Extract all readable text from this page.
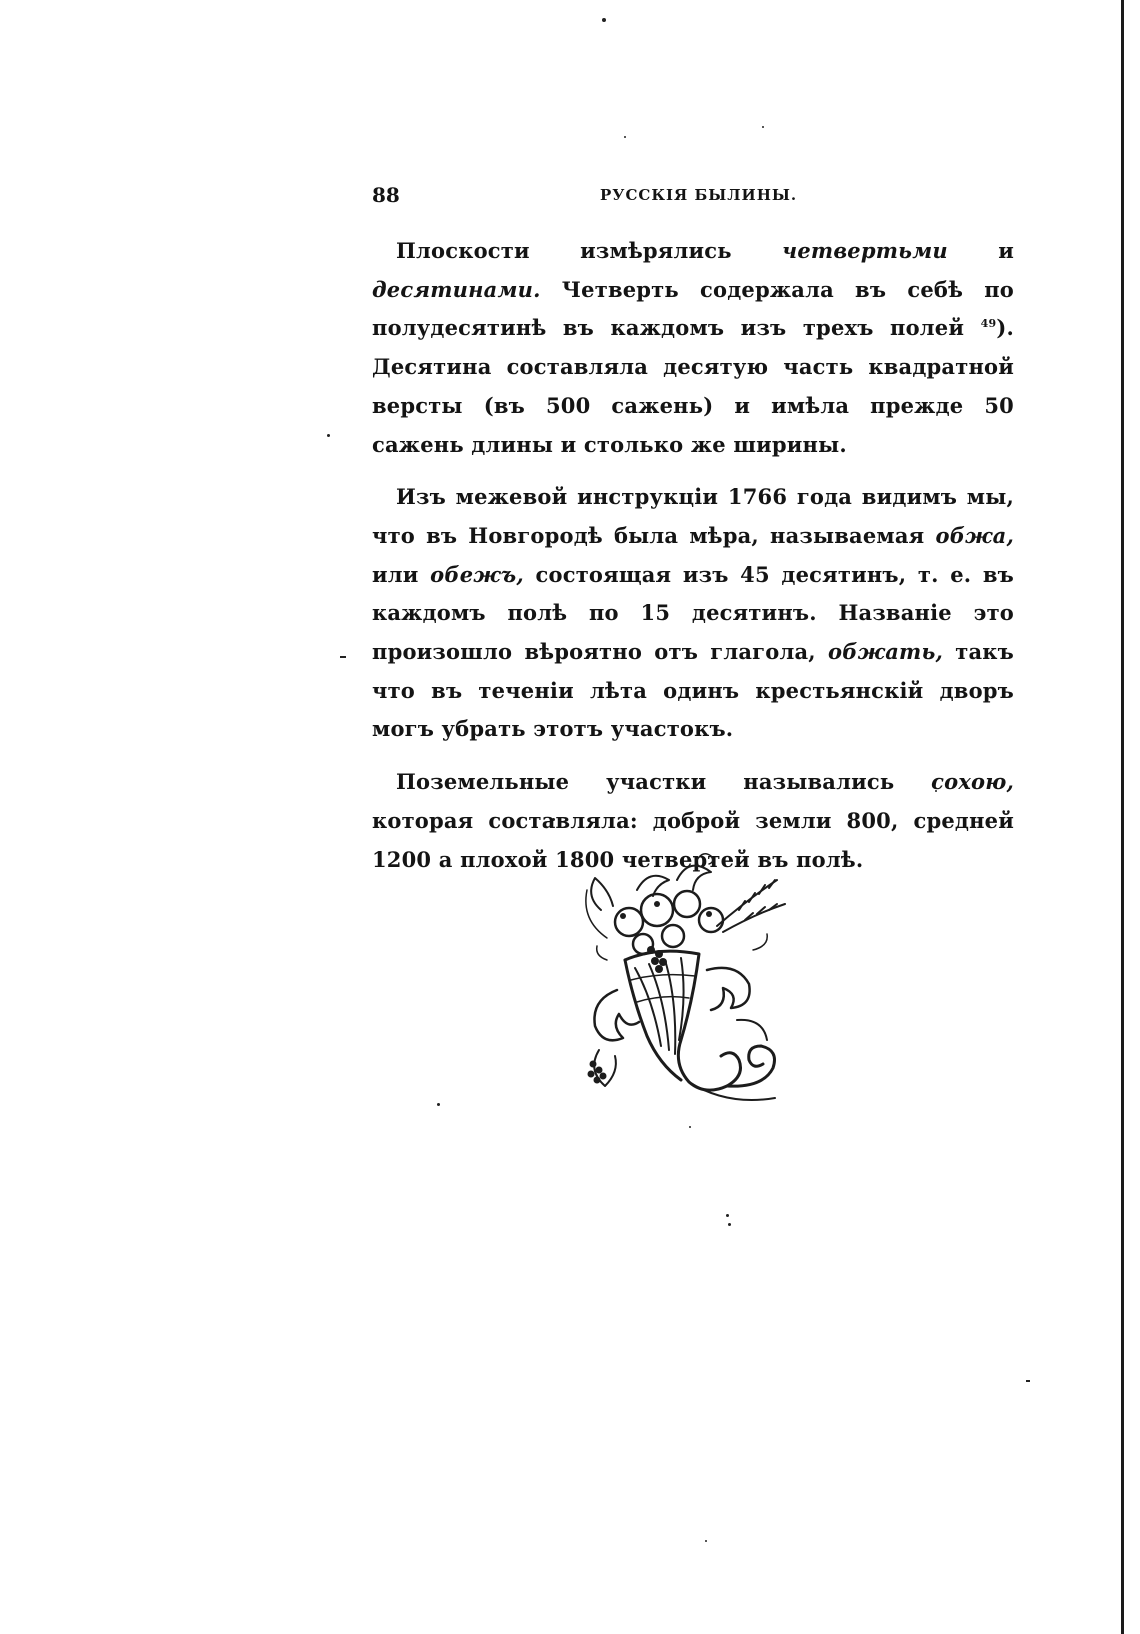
88	РУССКІЯ БЫЛИНЫ.

Плоскости измѣрялись четвертьми и десятинами. Четверть содержала въ себѣ по полудесятинѣ въ каждомъ изъ трехъ полей $^{49}$). Десятина составляла десятую часть квадратной версты (въ 500 сажень) и имѣла прежде 50 сажень длины и столько же ширины.

Изъ межевой инструкціи 1766 года видимъ мы, что въ Новгородѣ была мѣра, называемая обжа, или обежъ, состоящая изъ 45 десятинъ, т. е. въ каждомъ полѣ по 15 десятинъ. Названіе это произошло вѣроятно отъ глагола, обжать, такъ что въ теченіи лѣта одинъ крестьянскій дворъ могъ убрать этотъ участокъ.

Поземельные участки назывались сохою, которая составляла: доброй земли 800, средней 1200 а плохой 1800 четвертей въ полѣ.
